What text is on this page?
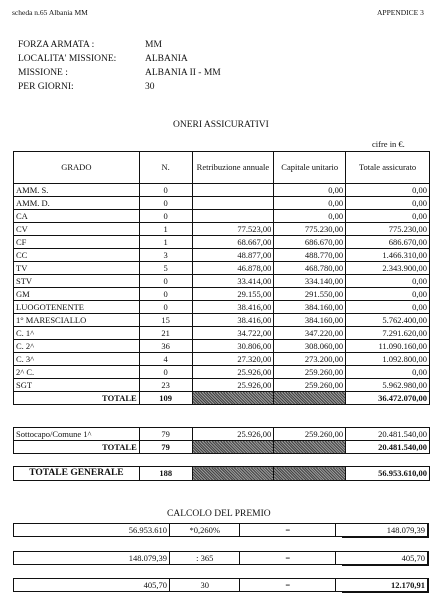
scheda n.65 Albania MM	APPENDICE 3
FORZA ARMATA :	MM
LOCALITA' MISSIONE:	ALBANIA
MISSIONE :	ALBANIA II - MM
PER GIORNI:	30
ONERI ASSICURATIVI
cifre in €.
GRADO	N.	Retribuzione annuale	Capitale unitario	Totale assicurato
AMM. S.	0		0,00	0,00
AMM. D.	0		0,00	0,00
CA	0		0,00	0,00
CV	1	77.523,00	775.230,00	775.230,00
CF	1	68.667,00	686.670,00	686.670,00
CC	3	48.877,00	488.770,00	1.466.310,00
TV	5	46.878,00	468.780,00	2.343.900,00
STV	0	33.414,00	334.140,00	0,00
GM	0	29.155,00	291.550,00	0,00
LUOGOTENENTE	0	38.416,00	384.160,00	0,00
1° MARESCIALLO	15	38.416,00	384.160,00	5.762.400,00
C. 1^	21	34.722,00	347.220,00	7.291.620,00
C. 2^	36	30.806,00	308.060,00	11.090.160,00
C. 3^	4	27.320,00	273.200,00	1.092.800,00
2^ C.	0	25.926,00	259.260,00	0,00
SGT	23	25.926,00	259.260,00	5.962.980,00
TOTALE	109			36.472.070,00
Sottocapo/Comune 1^	79	25.926,00	259.260,00	20.481.540,00
TOTALE	79			20.481.540,00
TOTALE GENERALE	188			56.953.610,00
CALCOLO DEL PREMIO
56.953.610	*0,260%	=	148.079,39
148.079,39	: 365	=	405,70
405,70	30	=	12.170,91
